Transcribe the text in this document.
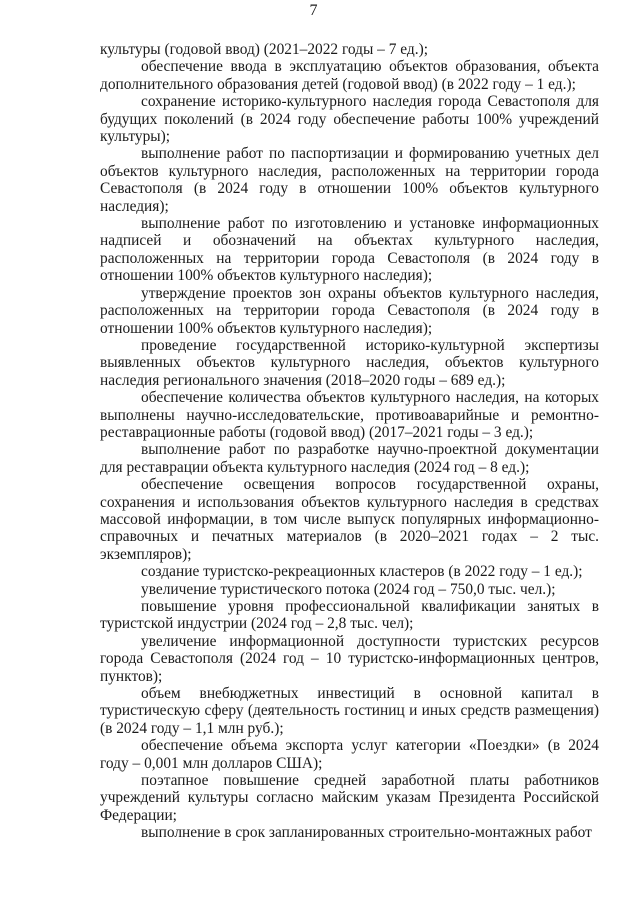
7

культуры (годовой ввод) (2021–2022 годы – 7 ед.);

обеспечение ввода в эксплуатацию объектов образования, объекта дополнительного образования детей (годовой ввод) (в 2022 году – 1 ед.);

сохранение историко-культурного наследия города Севастополя для будущих поколений (в 2024 году обеспечение работы 100% учреждений культуры);

выполнение работ по паспортизации и формированию учетных дел объектов культурного наследия, расположенных на территории города Севастополя (в 2024 году в отношении 100% объектов культурного наследия);

выполнение работ по изготовлению и установке информационных надписей и обозначений на объектах культурного наследия, расположенных на территории города Севастополя (в 2024 году в отношении 100% объектов культурного наследия);

утверждение проектов зон охраны объектов культурного наследия, расположенных на территории города Севастополя (в 2024 году в отношении 100% объектов культурного наследия);

проведение государственной историко-культурной экспертизы выявленных объектов культурного наследия, объектов культурного наследия регионального значения (2018–2020 годы – 689 ед.);

обеспечение количества объектов культурного наследия, на которых выполнены научно-исследовательские, противоаварийные и ремонтно-реставрационные работы (годовой ввод) (2017–2021 годы – 3 ед.);

выполнение работ по разработке научно-проектной документации для реставрации объекта культурного наследия (2024 год – 8 ед.);

обеспечение освещения вопросов государственной охраны, сохранения и использования объектов культурного наследия в средствах массовой информации, в том числе выпуск популярных информационно-справочных и печатных материалов (в 2020–2021 годах – 2 тыс. экземпляров);

создание туристско-рекреационных кластеров (в 2022 году – 1 ед.);

увеличение туристического потока (2024 год – 750,0 тыс. чел.);

повышение уровня профессиональной квалификации занятых в туристской индустрии (2024 год – 2,8 тыс. чел);

увеличение информационной доступности туристских ресурсов города Севастополя (2024 год – 10 туристско-информационных центров, пунктов);

объем внебюджетных инвестиций в основной капитал в туристическую сферу (деятельность гостиниц и иных средств размещения) (в 2024 году – 1,1 млн руб.);

обеспечение объема экспорта услуг категории «Поездки» (в 2024 году – 0,001 млн долларов США);

поэтапное повышение средней заработной платы работников учреждений культуры согласно майским указам Президента Российской Федерации;

выполнение в срок запланированных строительно-монтажных работ
